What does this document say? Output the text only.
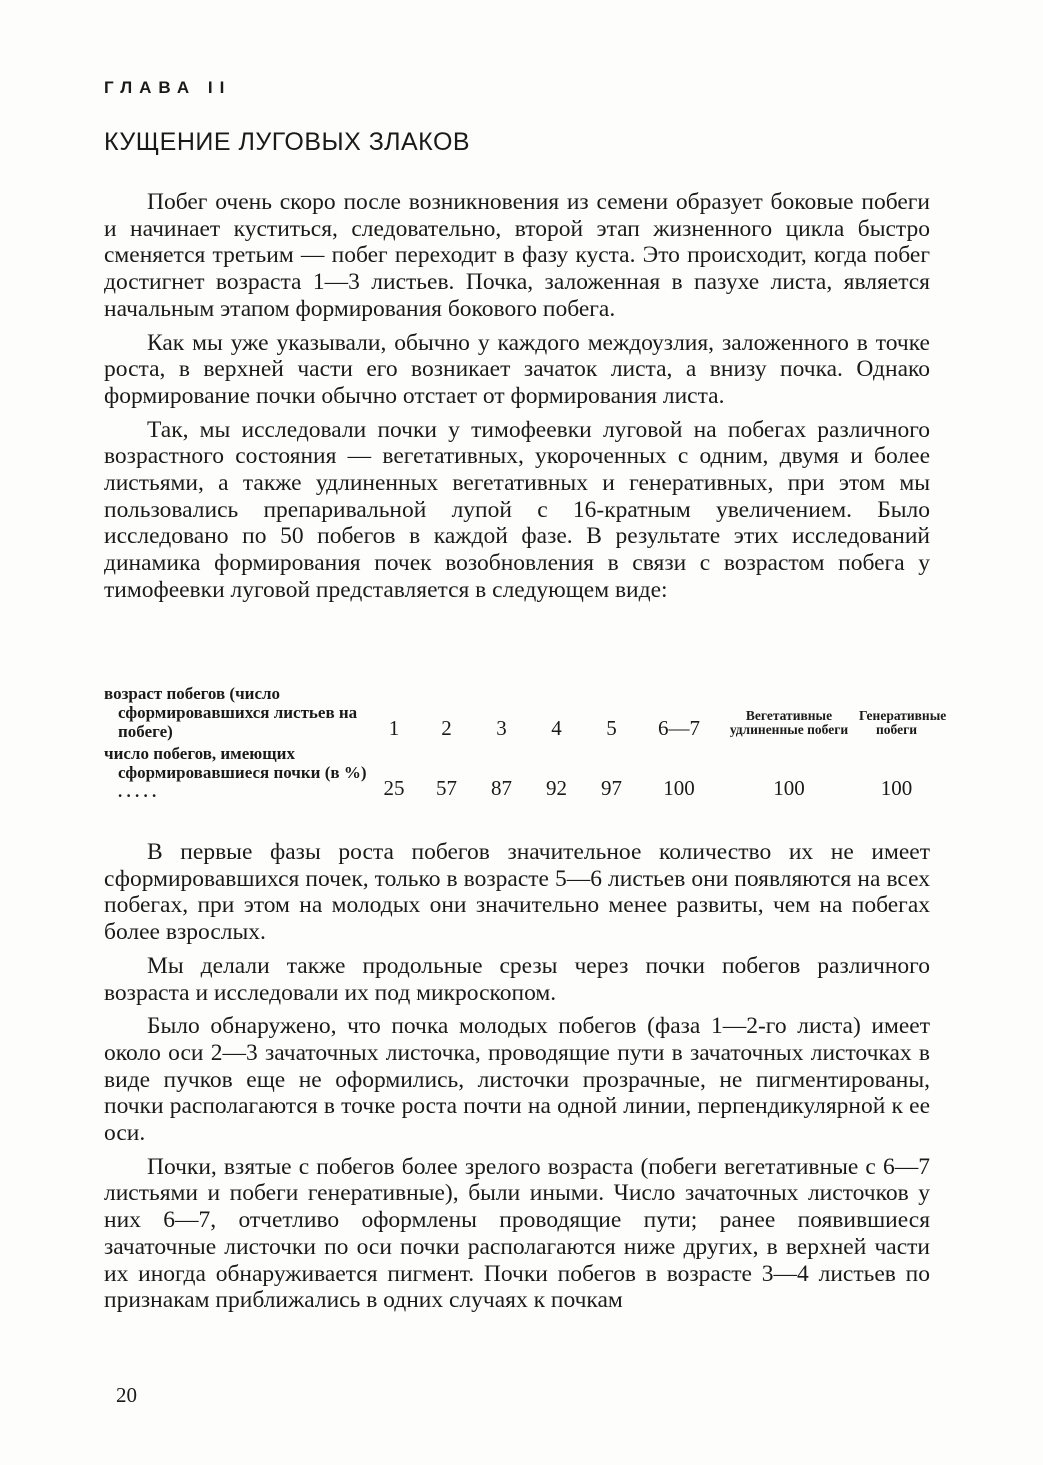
ГЛАВА II
КУЩЕНИЕ ЛУГОВЫХ ЗЛАКОВ

Побег очень скоро после возникновения из семени образует боковые побеги и начинает куститься, следовательно, второй этап жизненного цикла быстро сменяется третьим — побег переходит в фазу куста. Это происходит, когда побег достигнет возраста 1—3 листьев. Почка, заложенная в пазухе листа, является начальным этапом формирования бокового побега.

Как мы уже указывали, обычно у каждого междоузлия, заложенного в точке роста, в верхней части его возникает зачаток листа, а внизу почка. Однако формирование почки обычно отстает от формирования листа.

Так, мы исследовали почки у тимофеевки луговой на побегах различного возрастного состояния — вегетативных, укороченных с одним, двумя и более листьями, а также удлиненных вегетативных и генеративных, при этом мы пользовались препаривальной лупой с 16-кратным увеличением. Было исследовано по 50 побегов в каждой фазе. В результате этих исследований динамика формирования почек возобновления в связи с возрастом побега у тимофеевки луговой представляется в следующем виде:

возраст побегов (число сформировавшихся листьев на побеге)	1	2	3	4	5	6—7	Вегетативные удлиненные побеги	Генеративные побеги

число побегов, имеющих сформировавшиеся почки (в %) . . . . .	25	57	87	92	97	100	100	100

В первые фазы роста побегов значительное количество их не имеет сформировавшихся почек, только в возрасте 5—6 листьев они появляются на всех побегах, при этом на молодых они значительно менее развиты, чем на побегах более взрослых.

Мы делали также продольные срезы через почки побегов различного возраста и исследовали их под микроскопом.

Было обнаружено, что почка молодых побегов (фаза 1—2-го листа) имеет около оси 2—3 зачаточных листочка, проводящие пути в зачаточных листочках в виде пучков еще не оформились, листочки прозрачные, не пигментированы, почки располагаются в точке роста почти на одной линии, перпендикулярной к ее оси.

Почки, взятые с побегов более зрелого возраста (побеги вегетативные с 6—7 листьями и побеги генеративные), были иными. Число зачаточных листочков у них 6—7, отчетливо оформлены проводящие пути; ранее появившиеся зачаточные листочки по оси почки располагаются ниже других, в верхней части их иногда обнаруживается пигмент. Почки побегов в возрасте 3—4 листьев по признакам приближались в одних случаях к почкам

20
